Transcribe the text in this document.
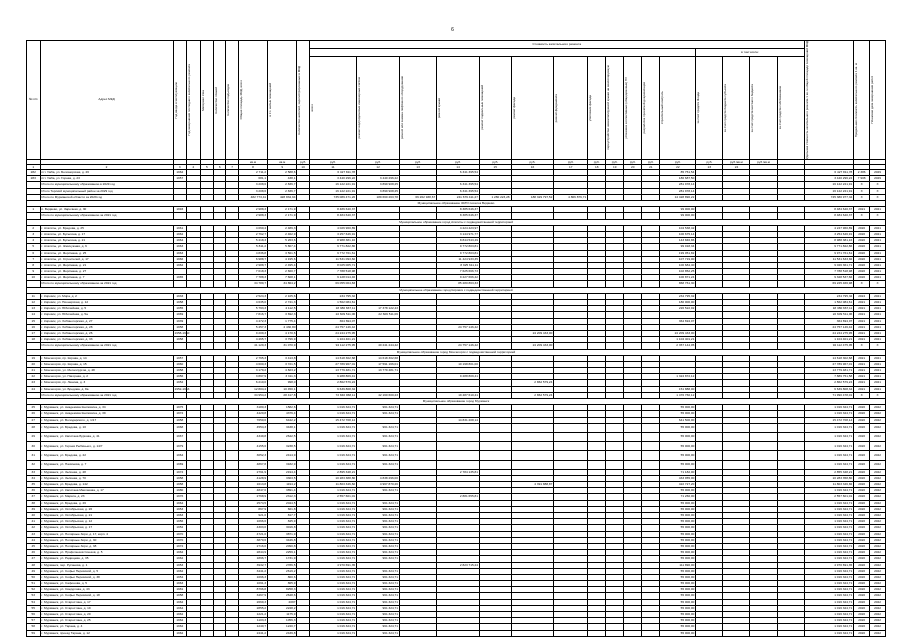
6
№ п/п	Адрес МКД	Год ввода в эксплуатацию	Год завершения последнего капитального ремонта	Материал стен	Количество этажей	Количество подъездов	Общая площадь МКД, всего	в т.ч. жилых помещений	Количество жителей, зарегистрированных в МКД	Стоимость капитального ремонта																Удельная стоимость капитального ремонта 1 кв. м общей площади помещений МКД	Предельная стоимость капитального ремонта 1 кв. м	Плановая дата завершения работ

																						в том числе:						

										всего	ремонт внутридомовых инженерных систем	ремонт или замена лифтового оборудования	ремонт крыши	ремонт подвальных помещений	ремонт фасада	ремонт фундамента	утепление фасада	переустройство невентилируемой крыши на вентилируемую	установка коллективных (общедомовых) ПУ	разработка проектной документации	строительный контроль	за счет средств Фонда	за счет средств бюджета субъекта	за счет средств местного бюджета	за счет средств собственников			

							кв.м	кв.м	руб.	руб.	руб.	руб.	руб.	руб.	руб.	руб.	руб.	руб.	руб.	руб.	руб.	руб.	руб./кв.м	руб./кв.м				
1	2	3	4	5	6	7	8	9	10	11	12	13	14	15	16	17	18	19	20	21	22	23	24					
282	пгт. Умба, ул. Беломорская, д. 26	1962					2 711,2	2 588,6		6 427 811,78			6 341 395,54								85 751,54					6 427 811,78	2 386	2029
283	пгт. Умба, ул. Горная, д. 23	1957					681,1	438,1		3 440 296,22	3 440 296,22										186 687,50					3 440 296,22	7 908	2029
	Итого по муниципальному образованию в 2029 год						3 208,6	2 836,7		16 122 221,91	3 899 908,25		6 341 395,54								281 978,14					16 122 221,91	X	X
	Итого Терский муниципальный район за 2029 год						3 208,6	2 836,7		16 122 221,91	3 899 908,25		6 341 395,54								281 978,14					16 122 221,91	X	X
	Итого по Мурманской области за 2029 год						482 773,41	428 834,94		735 089 471,26	189 660 263,78	66 262 938,67	241 679 411,27	1 280 223,28	188 329 797,52	4 866 876,71					14 428 890,22					745 380 977,34	X	X
Муниципальное образование ЗАТО поселок Видяево																												
1	п. Видяево, ул. Заречная, д. 30	1993					2 988,3	2 171,9		8 486 640,37			8 385 646,37								99 000,00					8 484 640,37	2021	2021
	Итого по муниципальному образованию за 2021 год						2 988,3	2 171,9		8 484 640,37			8 385 646,37								99 000,00					8 484 640,37	X	X
Муниципальное образование город Апатиты с подведомственной территорией																												
2	г. Апатиты, ул. Бредова, д. 25	1961					4 060,4	2 489,3		4 026 960,89			4 224 423,97								104 538,42					4 247 960,89	2020	2021
3	г. Апатиты, ул. Бусыгина, д. 17	1962					2 762,7	2 462,9		3 257 646,91			3 144 971,77								100 675,14					3 254 646,91	2020	2021
4	г. Апатиты, ул. Бусыгина, д. 21	1964					5 418,3	5 263,6		8 988 381,16			8 844 543,49								143 846,86					8 988 381,16	2020	2021
5	г. Апатиты, ул. Жемчужная, д. 6	1963					5 811,2	5 807,4		9 771 822,86			9 772 803,81								99 018,34					9 771 822,86	2020	2021
6	г. Апатиты, ул. Ферсмана, д. 25	1963					4 836,8	3 561,5		9 772 761,61			9 772 803,81								199 051,82					9 971 761,61	2020	2021
7	г. Апатиты, ул. Строителей, д. 17	1966					6 988,7	4 195,6		11 531 093,82			11 424 933,35								107 719,00					11 531 633,82	2020	2021
8	г. Апатиты, ул. Ферсмана, д. 21	1962					2 988,7	2 495,4		8 025 005,71			8 925 611,11								100 684,40					9 026 361,71	2020	2021
9	г. Апатиты, ул. Ферсмана, д. 27						7 018,3	2 660,7		7 788 518,98			7 625 666,73								102 852,25					7 788 518,98	2020	2021
10	г. Апатиты, ул. Ферсмана, д. 7	1965					7 788,3	7 608,1		9 128 014,46			9 227 666,42								100 871,24					9 328 537,66	2020	2021
	Итого по муниципальному образованию за 2021 год						34 789,7	34 864,2		69 055 004,83			85 280 863,33								868 761,30					69 225 466,98	X	X
Муниципальное образование город Кировск с подведомственной территорией																												
11	г. Кировск, ул. Мира, д. 2	1933					2 524,3	2 105,6		234 795,32											234 795,32					234 795,32	2024	2021
12	г. Кировск, ул. Пионерская, д. 12	1958					4 635,0	2 741,3		1 562 084,61											180 000,00					1 562 084,61	2021	2021
13	г. Кировск, ул. Юбилейная, д. 5	1955					5 793,3	4 112,5		18 380 667,11	17 378 122,43										226 522,02					18 380 667,11	2021	2021
14	г. Кировск, ул. Юбилейная, д. 5а	1969					7 816,7	3 692,3		22 609 511,06	22 609 511,06															22 609 511,06	2021	2021
15	г. Кировск, ул. Хибиногорская, д. 27	1939					4 472,3	1 775,4		364 694,07											364 694,07					364 694,07	2021	2021
16	г. Кировск, ул. Хибиногорская, д. 28	1958					5 457,3	4 430,80		24 757 146,42			24 757 146,42													24 757 146,42	2021	2021
17	г. Кировск, ул. Хибиногорская, д. 26	1958-1960					9 209,3	4 170,6		24 244 275,95					24 209 433,00						24 209 433,00					24 244 275,95	2021	2021
18	г. Кировск, ул. Хибиногорская, д. 33	1958					4 465,7	3 796,9		1 104 401,21											1 104 401,21					1 104 401,21	2021	2021
	Итого по муниципальному образованию за 2021 год						41 129,3	31 070,9		94 112 275,95	40 241 244,42		24 757 146,42		24 209 433,00						2 357 144,05					94 112 475,95	X	X
Муниципальное образование город Мончегорск с подведомственной территорией																												
19	г. Мончегорск, пр. Кирова, д. 14	1957					2 765,3	3 413,8		14 618 302,68	14 618 302,68															14 618 302,68	2021	2021
20	г. Мончегорск, пр. Кирова, д. 15	1960					4 600,3	3 721,5		27 789 967,01	17 591 166,01		10 198 801,00													27 789 967,01	2021	2021
21	г. Мончегорск, ул. Металлургов, д. 48	1958					3 179,2	4 823,2		13 779 481,71	13 779 481,71															13 779 481,71	2021	2021
22	г. Мончегорск, ул. Нагорная, д. 2	1956					3 897,9	3 311,3		9 288 809,41			9 288 809,41								1 324 872,12					7 889 751,58	2021	2021
23	г. Мончегорск, пр. Ленина, д. 3	1952					6 210,0	998,0		2 862 579,24					2 862 579,24											2 862 579,24	2021	2021
24	г. Мончегорск, ул. Бредова, д. 8а	1952-1953					12 804,4	10 450,1		6 639 808,34											151 888,00					6 639 808,34	2021	2021
	Итого по муниципальному образованию за 2021 год						34 954,2	28 417,8		72 840 968,11	42 160 600,23		19 487 610,41		2 862 579,24						1 476 760,12					71 990 478,01	X	X
Муниципальное образование город Мурманск																												
25	г. Мурманск, ул. Академика Книповича, д. 34	1975					3180,3	1582,6		1 016 324,71	961 324,71										55 000,00					1 016 324,71	2020	2022
26	г. Мурманск, ул. Академика Книповича, д. 39	1972					4420,8	4376,4		1 016 324,71	961 324,71										55 000,00					1 016 324,71	2020	2022
27	г. Мурманск, ул. Володарского, д. 1/17	1958					7650,0	6442,2		15 472 708,14			14 831 208,14								641 500,00					15 472 708,14	2020	2022
28	г. Мурманск, ул. Бредова, д. 10	1968					4554,3	3438,1		1 016 324,71	961 324,71										55 000,00					1 016 324,71	2020	2022
29	г. Мурманск, ул. Капитана Буркова, д. 41	1967					4349,8	2642,5		1 016 324,71	961 324,71										55 000,00					1 016 324,71	2020	2022
30	г. Мурманск, ул. Героев Рыбачьего, д. 14/7	1979					4155,6	3238,5		1 016 324,71	961 324,71										55 000,00					1 016 324,71	2020	2022
31	г. Мурманск, ул. Бредова, д. 22	1964					3052,3	2414,9		1 016 324,71	961 324,71										55 000,00					1 016 324,71	2020	2022
32	г. Мурманск, ул. Нахимова, д. 7	1969					4867,8	3182,9		1 016 324,71	961 324,71										55 000,00					1 016 324,71	2020	2022
33	г. Мурманск, ул. Зелёная, д. 48	1972					2791,9	2194,4		2 895 348,21			2 784 135,81								71 182,00					2 855 348,21	2020	2022
34	г. Мурманск, ул. Зелёная, д. 70	1958					4128,9	3303,5		10 283 388,80	4 838 296,00										433 955,00					10 283 358,80	2020	2022
35	г. Мурманск, ул. Бредова, д. 142	1958					1613,8	1194,2		11 803 346,82	4 967 870,26				4 391 888,87						422 727,20					11 803 346,82	2020	2022
36	г. Мурманск, ул. Капитана Маклакова, д. 17	1980					4847,0	3891,4		1 016 324,71	961 324,71										55 000,00					1 016 324,71	2020	2022
37	г. Мурманск, ул. Марата, д. 23	1976					2768,9	2312,3		2 557 601,01			2 881 655,81								71 260,00					2 557 601,01	2020	2022
38	г. Мурманск, ул. Бредова, д. 26	1964					2574,5	2044,5		1 016 324,71	961 324,71										55 000,00					1 016 324,71	2020	2022
39	г. Мурманск, ул. Октябрьская, д. 26	1953					867,9	661,8		1 016 324,71	961 324,71										55 000,00					1 016 324,71	2020	2022
40	г. Мурманск, ул. Октябрьская, д. 21	1963					921,0	817,7		1 016 324,71	961 324,71										55 000,00					1 016 324,71	2020	2022
41	г. Мурманск, ул. Октябрьская, д. 12	1956					1066,6	845,9		1 016 324,71	961 324,71										55 000,00					1 016 324,71	2020	2022
42	г. Мурманск, ул. Октябрьская, д. 17	1952					4303,0	3016,8		1 016 324,71	961 324,71										55 000,00					1 016 324,71	2020	2022
43	г. Мурманск, ул. Полярные Зори, д. 17, корп. 4	1970					4721,0	3871,9		1 016 324,71	961 324,71										55 000,00					1 016 324,71	2020	2022
44	г. Мурманск, ул. Полярные Зори, д. 30	1970					3870,6	3446,8		1 016 324,71	961 324,71										55 000,00					1 016 324,71	2020	2022
45	г. Мурманск, ул. Полярные Зори, д. 38	1972					2716,0	2090,8		1 016 324,71	961 324,71										55 000,00					1 016 324,71	2020	2022
46	г. Мурманск, ул. Профсоюзов Союзов, д. 5	1962					2844,9	2259,1		1 016 324,71	961 324,71										55 000,00					1 016 324,71	2020	2022
47	г. Мурманск, ул. Радищева, д. 35	1962					1896,7	1731,9		1 016 324,71	961 324,71										55 000,00					1 016 324,71	2020	2022
48	г. Мурманск, пер. Русанова, д. 1	1953					3932,7	2786,5		4 970 691,35			2 823 715,24								111 890,00					4 970 691,35	2020	2022
49	г. Мурманск, ул. Софьи Перовской, д. 5	1962					3441,2	2619,2		1 016 324,71	961 324,71										55 000,00					1 016 324,71	2020	2022
50	г. Мурманск, ул. Софьи Перовской, д. 38	1954					1096,3	860,6		1 016 324,71	961 324,71										55 000,00					1 016 324,71	2020	2022
51	г. Мурманск, ул. Сафонова, д. 5	1963					1091,3	865,9		1 016 324,71	961 324,71										55 000,00					1 016 324,71	2020	2022
52	г. Мурманск, ул. Свердлова, д. 43	1981					8796,8	8258,3		1 016 324,71	961 324,71										55 000,00					1 016 324,71	2020	2022
53	г. Мурманск, ул. Софьи Перовской, д. 18	1958					3467,9	2648,6		1 016 324,71	961 324,71										55 000,00					1 016 324,71	2020	2022
54	г. Мурманск, ул. Старостина, д. 17	1962					2669,3	2097		1 016 324,71	961 324,71										55 000,00					1 016 324,71	2020	2022
55	г. Мурманск, ул. Старостина, д. 19	1964					2855,2	2248,2		1 016 324,71	961 324,71										55 000,00					1 016 324,71	2020	2022
56	г. Мурманск, ул. Старостина, д. 20	1962					1221,2	1175,9		1 016 324,71	961 324,71										55 000,00					1 016 324,71	2020	2022
57	г. Мурманск, ул. Старостина, д. 25	1962					1103,3	1056,3		1 016 324,71	961 324,71										55 000,00					1 016 324,71	2020	2022
58	г. Мурманск, ул. Тарана, д. 4	1962					1240,7	1240,7		1 016 324,71	961 324,71										55 000,00					1 016 324,71	2020	2022
59	г. Мурманск, проезд Тарана, д. 12	1962					2441,2	2439,8		1 016 324,71	961 324,71										55 000,00					1 016 324,71	2020	2022
